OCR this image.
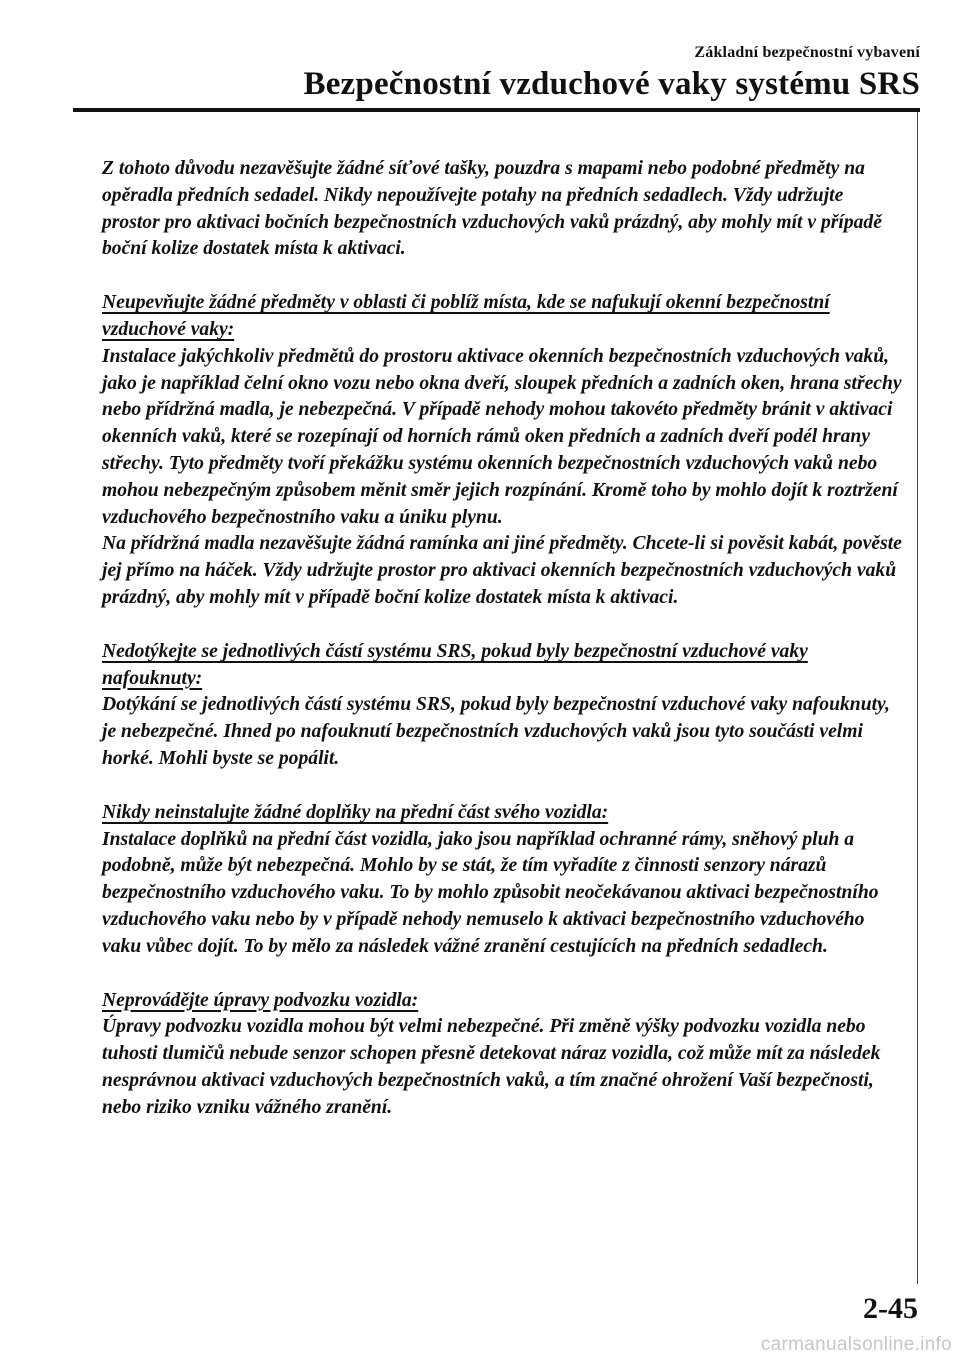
Základní bezpečnostní vybavení
Bezpečnostní vzduchové vaky systému SRS

Z tohoto důvodu nezavěšujte žádné síťové tašky, pouzdra s mapami nebo podobné předměty na opěradla předních sedadel. Nikdy nepoužívejte potahy na předních sedadlech. Vždy udržujte prostor pro aktivaci bočních bezpečnostních vzduchových vaků prázdný, aby mohly mít v případě boční kolize dostatek místa k aktivaci.

Neupevňujte žádné předměty v oblasti či poblíž místa, kde se nafukují okenní bezpečnostní vzduchové vaky:

Instalace jakýchkoliv předmětů do prostoru aktivace okenních bezpečnostních vzduchových vaků, jako je například čelní okno vozu nebo okna dveří, sloupek předních a zadních oken, hrana střechy nebo přídržná madla, je nebezpečná. V případě nehody mohou takovéto předměty bránit v aktivaci okenních vaků, které se rozepínají od horních rámů oken předních a zadních dveří podél hrany střechy. Tyto předměty tvoří překážku systému okenních bezpečnostních vzduchových vaků nebo mohou nebezpečným způsobem měnit směr jejich rozpínání. Kromě toho by mohlo dojít k roztržení vzduchového bezpečnostního vaku a úniku plynu.

Na přídržná madla nezavěšujte žádná ramínka ani jiné předměty. Chcete-li si pověsit kabát, pověste jej přímo na háček. Vždy udržujte prostor pro aktivaci okenních bezpečnostních vzduchových vaků prázdný, aby mohly mít v případě boční kolize dostatek místa k aktivaci.

Nedotýkejte se jednotlivých částí systému SRS, pokud byly bezpečnostní vzduchové vaky nafouknuty:

Dotýkání se jednotlivých částí systému SRS, pokud byly bezpečnostní vzduchové vaky nafouknuty, je nebezpečné. Ihned po nafouknutí bezpečnostních vzduchových vaků jsou tyto součásti velmi horké. Mohli byste se popálit.

Nikdy neinstalujte žádné doplňky na přední část svého vozidla:

Instalace doplňků na přední část vozidla, jako jsou například ochranné rámy, sněhový pluh a podobně, může být nebezpečná. Mohlo by se stát, že tím vyřadíte z činnosti senzory nárazů bezpečnostního vzduchového vaku. To by mohlo způsobit neočekávanou aktivaci bezpečnostního vzduchového vaku nebo by v případě nehody nemuselo k aktivaci bezpečnostního vzduchového vaku vůbec dojít. To by mělo za následek vážné zranění cestujících na předních sedadlech.

Neprovádějte úpravy podvozku vozidla:

Úpravy podvozku vozidla mohou být velmi nebezpečné. Při změně výšky podvozku vozidla nebo tuhosti tlumičů nebude senzor schopen přesně detekovat náraz vozidla, což může mít za následek nesprávnou aktivaci vzduchových bezpečnostních vaků, a tím značné ohrožení Vaší bezpečnosti, nebo riziko vzniku vážného zranění.

2-45
carmanualsonline.info
